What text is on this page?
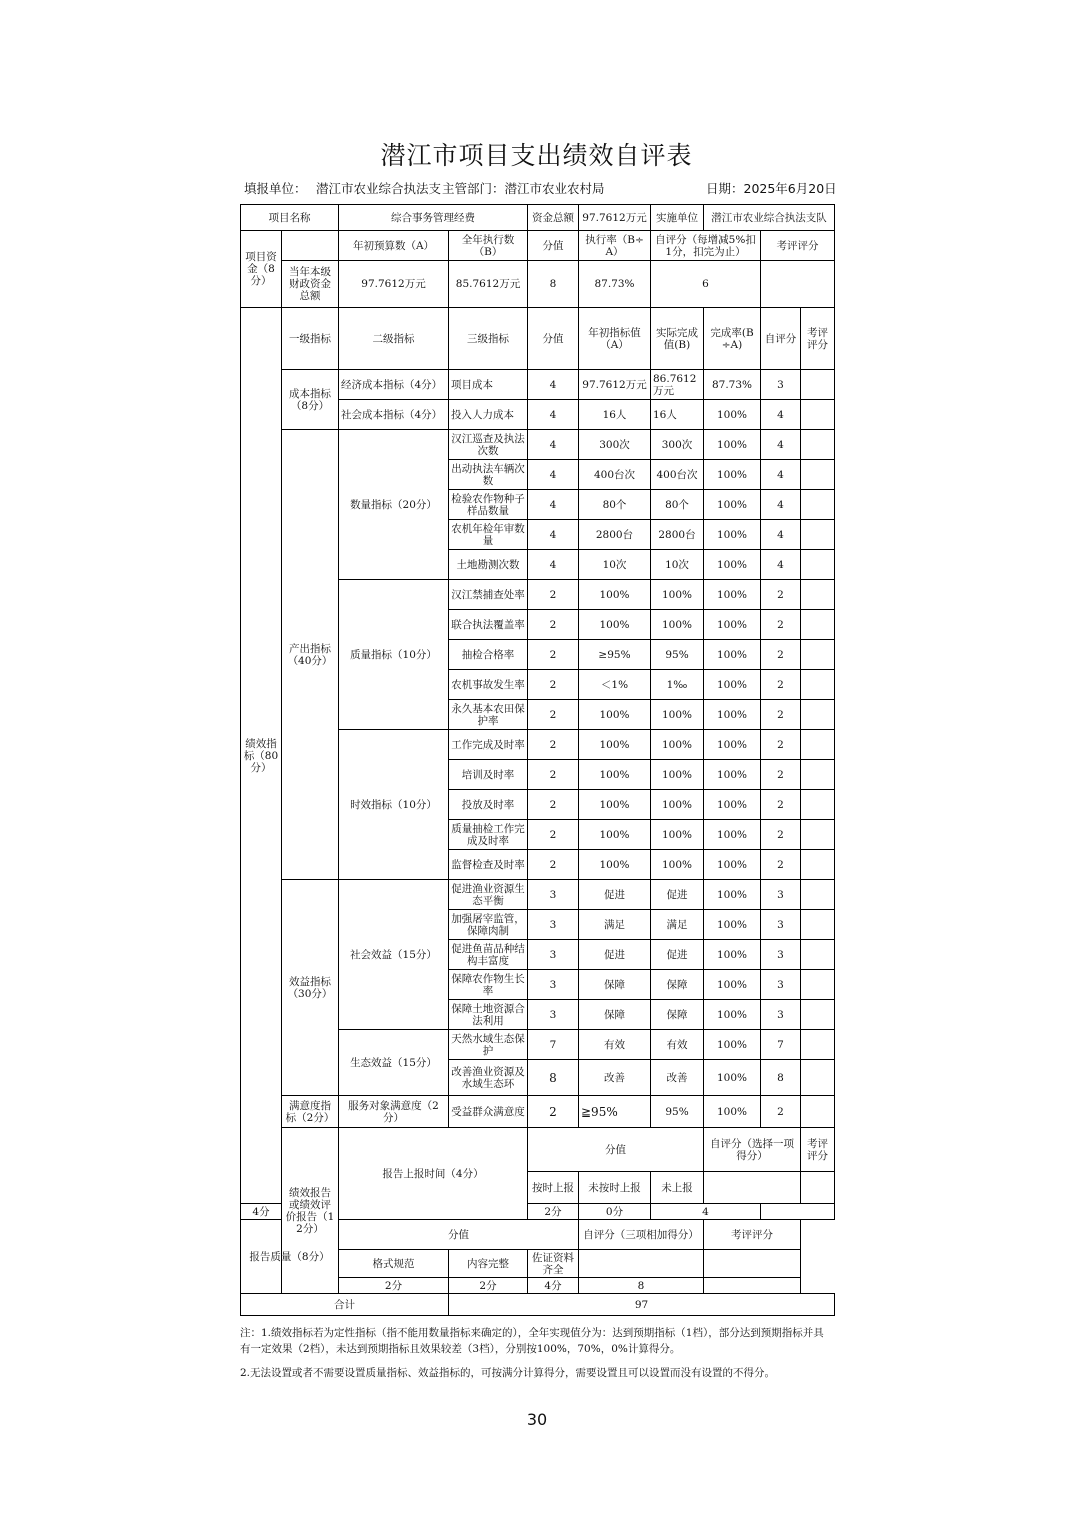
潜江市项目支出绩效自评表
填报单位： 潜江市农业综合执法支 主管部门：潜江市农业农村局	日期：2025年6月20日
项目名称		综合事务管理经费		资金总额	97.7612万元	实施单位	潜江市农业综合执法支队			
项目资金（8分）		年初预算数（A）	全年执行数（B）	分值	执行率（B÷A）	自评分（每增减5%扣1分，扣完为止）		考评评分		
	当年本级财政资金总额	97.7612万元	85.7612万元	8	87.73%	6				
绩效指标（80分）	一级指标	二级指标	三级指标	分值	年初指标值（A）	实际完成值(B)	完成率(B÷A)	自评分	考评评分	
	成本指标（8分）	经济成本指标（4分）	项目成本	4	97.7612万元	86.7612万元	87.73%	3		
		社会成本指标（4分）	投入人力成本	4	16人	16人	100%	4		
	产出指标（40分）	数量指标（20分）	汉江巡查及执法次数	4	300次	300次	100%	4		
			出动执法车辆次数	4	400台次	400台次	100%	4		
			检验农作物种子样品数量	4	80个	80个	100%	4		
			农机年检年审数量	4	2800台	2800台	100%	4		
			土地勘测次数	4	10次	10次	100%	4		
		质量指标（10分）	汉江禁捕查处率	2	100%	100%	100%	2		
			联合执法覆盖率	2	100%	100%	100%	2		
			抽检合格率	2	≥95%	95%	100%	2		
			农机事故发生率	2	＜1%	1‰	100%	2		
			永久基本农田保护率	2	100%	100%	100%	2		
		时效指标（10分）	工作完成及时率	2	100%	100%	100%	2		
			培训及时率	2	100%	100%	100%	2		
			投放及时率	2	100%	100%	100%	2		
			质量抽检工作完成及时率	2	100%	100%	100%	2		
			监督检查及时率	2	100%	100%	100%	2		
	效益指标（30分）	社会效益（15分）	促进渔业资源生态平衡	3	促进	促进	100%	3		
			加强屠宰监管，保障肉制	3	满足	满足	100%	3		
			促进鱼苗品种结构丰富度	3	促进	促进	100%	3		
			保障农作物生长率	3	保障	保障	100%	3		
			保障土地资源合法利用	3	保障	保障	100%	3		
		生态效益（15分）	天然水域生态保护	7	有效	有效	100%	7		
			改善渔业资源及水域生态环	8	改善	改善	100%	8		
	满意度指标（2分）	服务对象满意度（2分）	受益群众满意度	2	≧95%	95%	100%	2		
	绩效报告或绩效评价报告（12分）	报告上报时间（4分）		分值			自评分（选择一项得分）		考评评分	
				按时上报	未按时上报	未上报				
4分				2分	0分	4				
报告质量（8分）		分值			自评分（三项相加得分）		考评评分			
		格式规范	内容完整	佐证资料齐全						
		2分	2分	4分	8					
合计			97							
注：1.绩效指标若为定性指标（指不能用数量指标来确定的），全年实现值分为：达到预期指标（1档），部分达到预期指标并具有一定效果（2档），未达到预期指标且效果较差（3档），分别按100%，70%，0%计算得分。
2.无法设置或者不需要设置质量指标、效益指标的，可按满分计算得分，需要设置且可以设置而没有设置的不得分。
30
